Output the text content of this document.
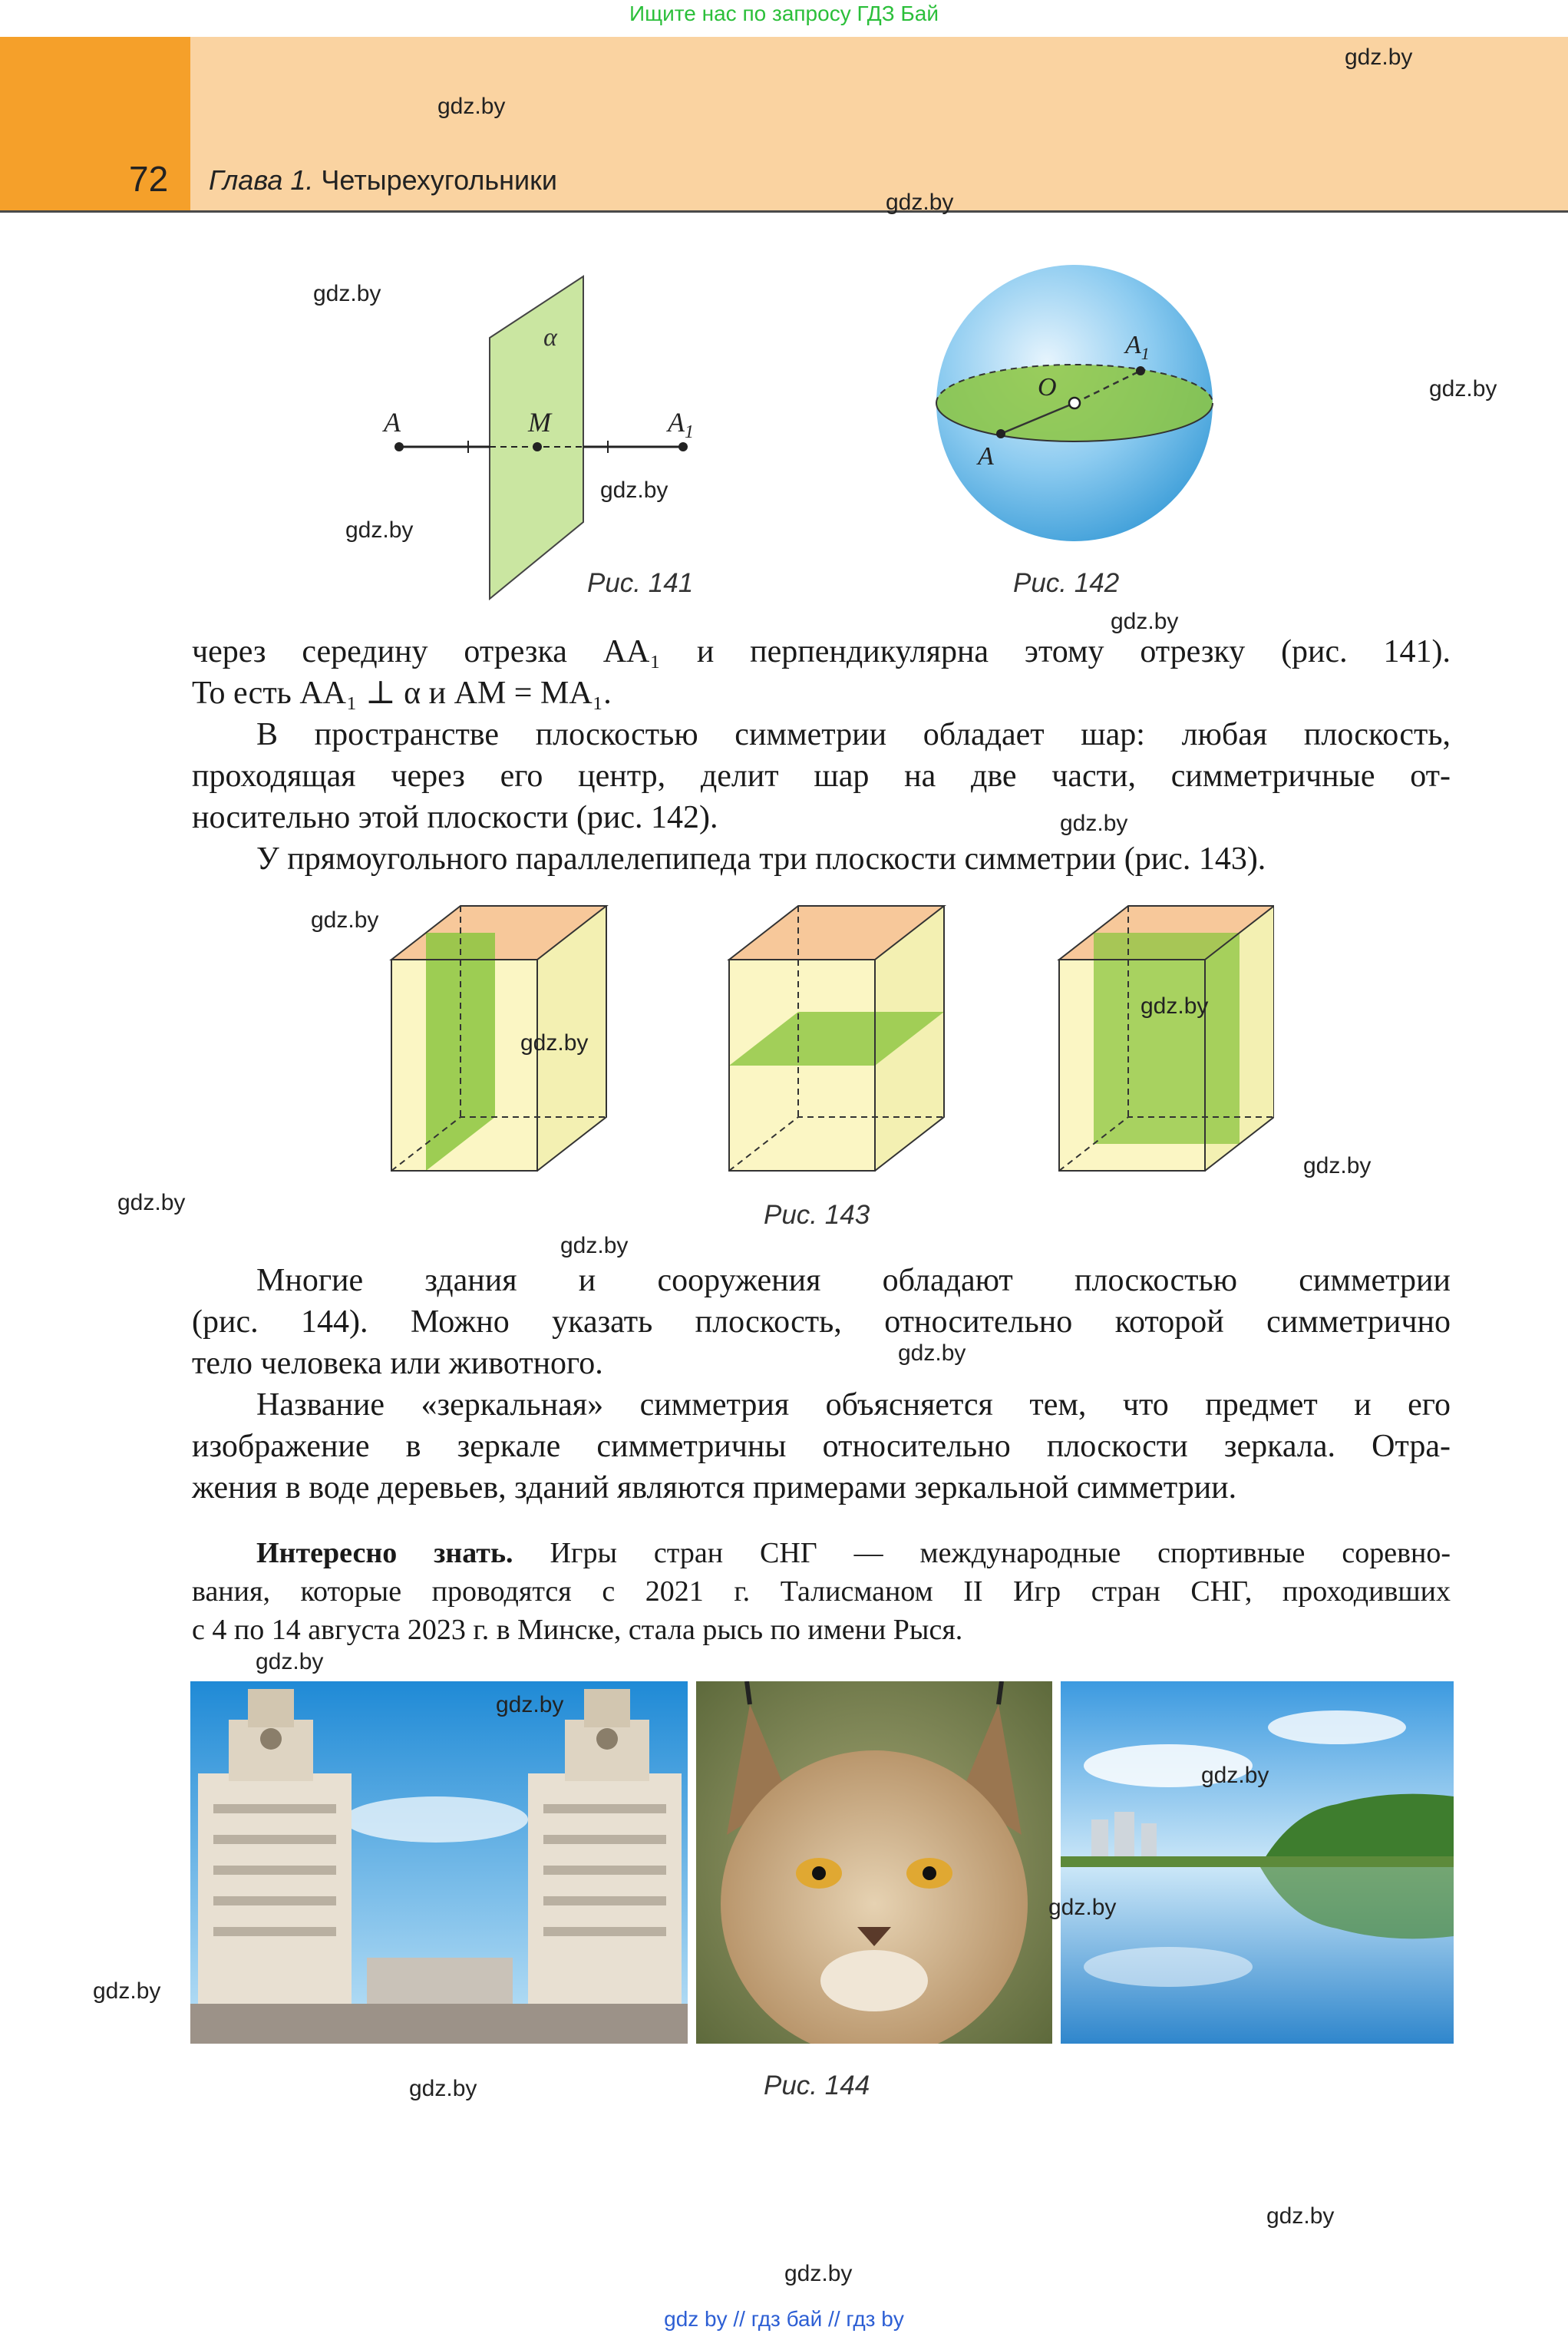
Ищите нас по запросу ГДЗ Бай
72 Глава 1. Четырехугольники
α
A	M	$A_1$
Рис. 141
O
A
$A_1$
Рис. 142
через середину отрезка AA₁ и перпендикулярна этому отрезку (рис. 141).
То есть AA₁ ⊥ α и AM = MA₁.
В пространстве плоскостью симметрии обладает шар: любая плоскость,
проходящая через его центр, делит шар на две части, симметричные от-
носительно этой плоскости (рис. 142).
У прямоугольного параллелепипеда три плоскости симметрии (рис. 143).
Рис. 143
Многие здания и сооружения обладают плоскостью симметрии
(рис. 144). Можно указать плоскость, относительно которой симметрично
тело человека или животного.
Название «зеркальная» симметрия объясняется тем, что предмет и его
изображение в зеркале симметричны относительно плоскости зеркала. Отра-
жения в воде деревьев, зданий являются примерами зеркальной симметрии.
Интересно знать. Игры стран СНГ — международные спортивные соревно-
вания, которые проводятся с 2021 г. Талисманом II Игр стран СНГ, проходивших
с 4 по 14 августа 2023 г. в Минске, стала рысь по имени Рыся.
Рис. 144
gdz.by
gdz.by
gdz.by
gdz.by
gdz.by
gdz.by
gdz.by
gdz.by
gdz.by
gdz.by
gdz.by
gdz.by
gdz.by
gdz.by
gdz.by
gdz.by
gdz.by
gdz.by
gdz.by
gdz.by
gdz.by
gdz.by
gdz.by
gdz.by
gdz by // гдз бай // гдз by
